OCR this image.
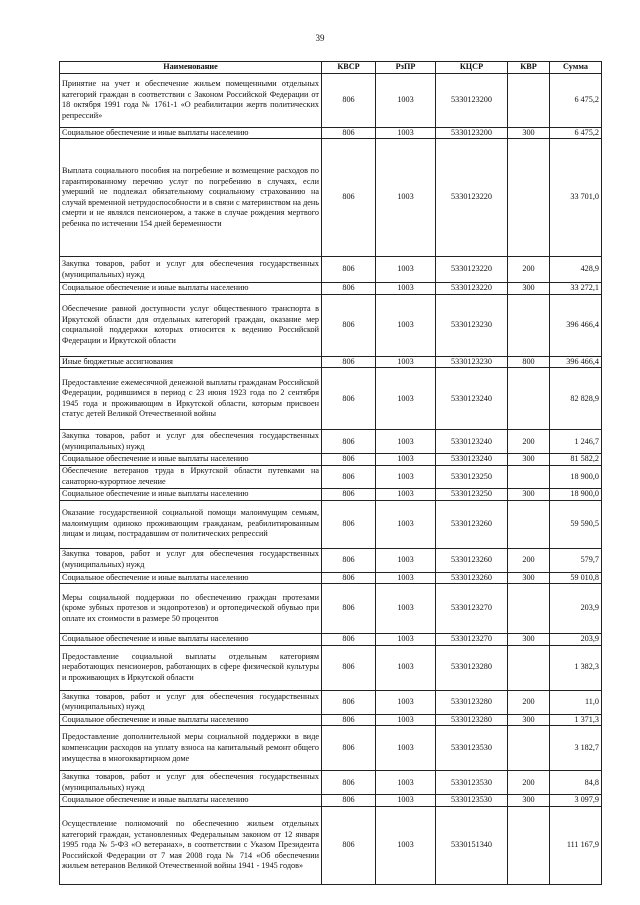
39
Наименование	КВСР	РзПР	КЦСР	КВР	Сумма
Принятие на учет и обеспечение жильем помещенными отдельных категорий граждан в соответствии с Законом Российской Федерации от 18 октября 1991 года № 1761-1 «О реабилитации жертв политических репрессий»	806	1003	5330123200		6 475,2
Социальное обеспечение и иные выплаты населению	806	1003	5330123200	300	6 475,2
Выплата социального пособия на погребение и возмещение расходов по гарантированному перечню услуг по погребению в случаях, если умерший не подлежал обязательному социальному страхованию на случай временной нетрудоспособности и в связи с материнством на день смерти и не являлся пенсионером, а также в случае рождения мертвого ребенка по истечении 154 дней беременности	806	1003	5330123220		33 701,0
Закупка товаров, работ и услуг для обеспечения государственных (муниципальных) нужд	806	1003	5330123220	200	428,9
Социальное обеспечение и иные выплаты населению	806	1003	5330123220	300	33 272,1
Обеспечение равной доступности услуг общественного транспорта в Иркутской области для отдельных категорий граждан, оказание мер социальной поддержки которых относится к ведению Российской Федерации и Иркутской области	806	1003	5330123230		396 466,4
Иные бюджетные ассигнования	806	1003	5330123230	800	396 466,4
Предоставление ежемесячной денежной выплаты гражданам Российской Федерации, родившимся в период с 23 июня 1923 года по 2 сентября 1945 года и проживающим в Иркутской области, которым присвоен статус детей Великой Отечественной войны	806	1003	5330123240		82 828,9
Закупка товаров, работ и услуг для обеспечения государственных (муниципальных) нужд	806	1003	5330123240	200	1 246,7
Социальное обеспечение и иные выплаты населению	806	1003	5330123240	300	81 582,2
Обеспечение ветеранов труда в Иркутской области путевками на санаторно-курортное лечение	806	1003	5330123250		18 900,0
Социальное обеспечение и иные выплаты населению	806	1003	5330123250	300	18 900,0
Оказание государственной социальной помощи малоимущим семьям, малоимущим одиноко проживающим гражданам, реабилитированным лицам и лицам, пострадавшим от политических репрессий	806	1003	5330123260		59 590,5
Закупка товаров, работ и услуг для обеспечения государственных (муниципальных) нужд	806	1003	5330123260	200	579,7
Социальное обеспечение и иные выплаты населению	806	1003	5330123260	300	59 010,8
Меры социальной поддержки по обеспечению граждан протезами (кроме зубных протезов и эндопротезов) и ортопедической обувью при оплате их стоимости в размере 50 процентов	806	1003	5330123270		203,9
Социальное обеспечение и иные выплаты населению	806	1003	5330123270	300	203,9
Предоставление социальной выплаты отдельным категориям неработающих пенсионеров, работающих в сфере физической культуры и проживающих в Иркутской области	806	1003	5330123280		1 382,3
Закупка товаров, работ и услуг для обеспечения государственных (муниципальных) нужд	806	1003	5330123280	200	11,0
Социальное обеспечение и иные выплаты населению	806	1003	5330123280	300	1 371,3
Предоставление дополнительной меры социальной поддержки в виде компенсации расходов на уплату взноса на капитальный ремонт общего имущества в многоквартирном доме	806	1003	5330123530		3 182,7
Закупка товаров, работ и услуг для обеспечения государственных (муниципальных) нужд	806	1003	5330123530	200	84,8
Социальное обеспечение и иные выплаты населению	806	1003	5330123530	300	3 097,9
Осуществление полномочий по обеспечению жильем отдельных категорий граждан, установленных Федеральным законом от 12 января 1995 года № 5-ФЗ «О ветеранах», в соответствии с Указом Президента Российской Федерации от 7 мая 2008 года № 714 «Об обеспечении жильем ветеранов Великой Отечественной войны 1941 - 1945 годов»	806	1003	5330151340		111 167,9
